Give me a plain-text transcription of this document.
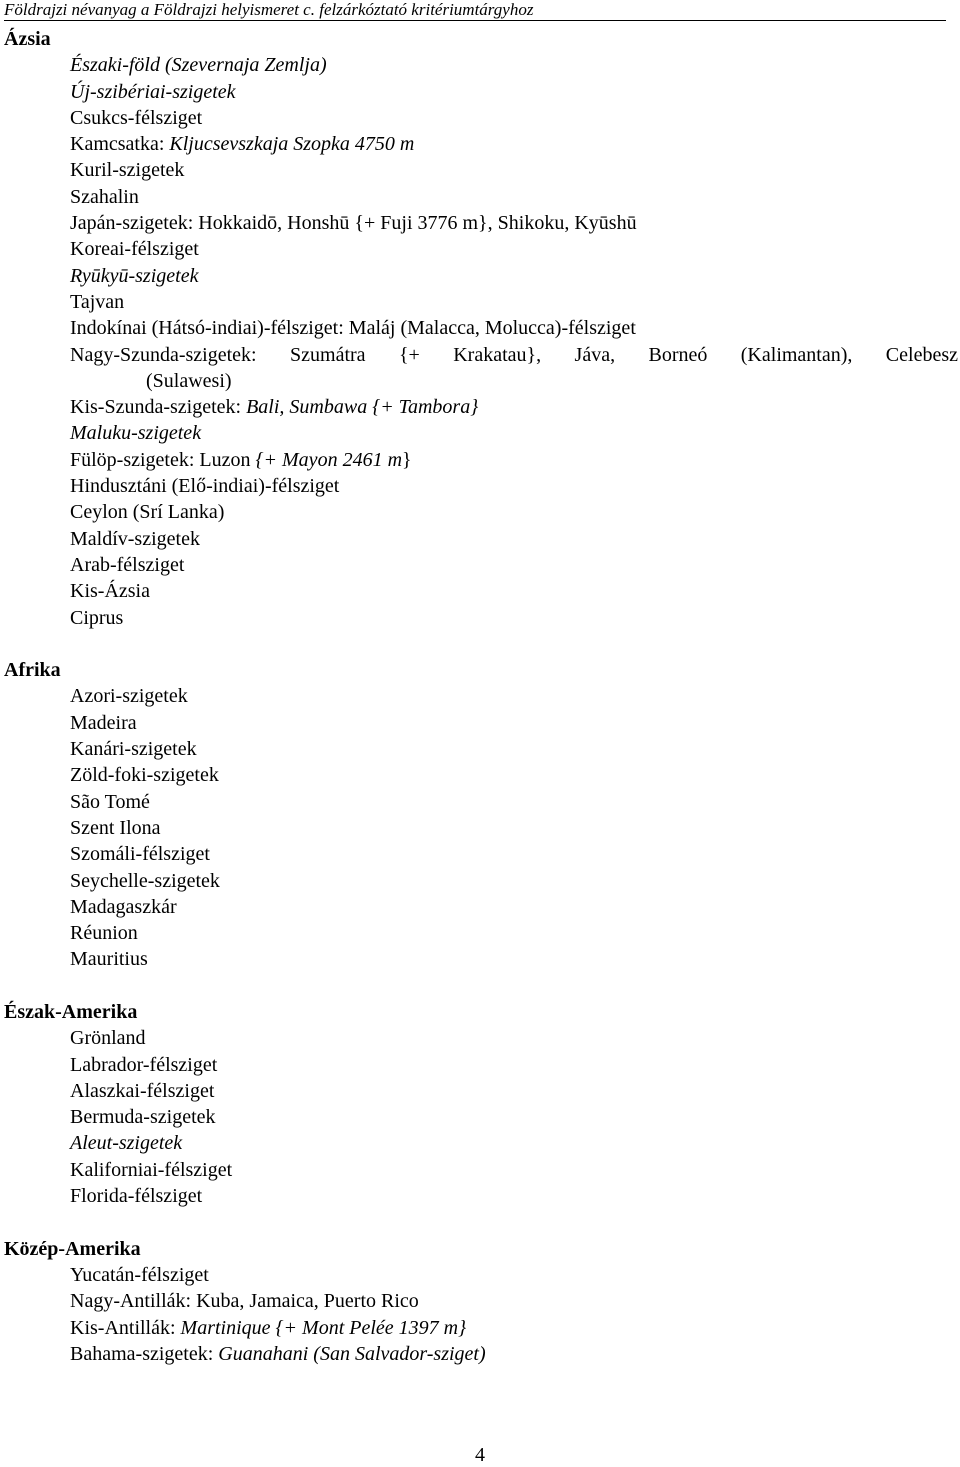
Földrajzi névanyag a Földrajzi helyismeret c. felzárkóztató kritériumtárgyhoz
Ázsia
Északi-föld (Szevernaja Zemlja)
Új-szibériai-szigetek
Csukcs-félsziget
Kamcsatka: Kljucsevszkaja Szopka 4750 m
Kuril-szigetek
Szahalin
Japán-szigetek: Hokkaidō, Honshū {+ Fuji 3776 m}, Shikoku, Kyūshū
Koreai-félsziget
Ryūkyū-szigetek
Tajvan
Indokínai (Hátsó-indiai)-félsziget: Maláj (Malacca, Molucca)-félsziget
Nagy-Szunda-szigetek: Szumátra {+ Krakatau}, Jáva, Borneó (Kalimantan), Celebesz
(Sulawesi)
Kis-Szunda-szigetek: Bali, Sumbawa {+ Tambora}
Maluku-szigetek
Fülöp-szigetek: Luzon {+ Mayon 2461 m}
Hindusztáni (Elő-indiai)-félsziget
Ceylon (Srí Lanka)
Maldív-szigetek
Arab-félsziget
Kis-Ázsia
Ciprus
Afrika
Azori-szigetek
Madeira
Kanári-szigetek
Zöld-foki-szigetek
São Tomé
Szent Ilona
Szomáli-félsziget
Seychelle-szigetek
Madagaszkár
Réunion
Mauritius
Észak-Amerika
Grönland
Labrador-félsziget
Alaszkai-félsziget
Bermuda-szigetek
Aleut-szigetek
Kaliforniai-félsziget
Florida-félsziget
Közép-Amerika
Yucatán-félsziget
Nagy-Antillák: Kuba, Jamaica, Puerto Rico
Kis-Antillák: Martinique {+ Mont Pelée 1397 m}
Bahama-szigetek: Guanahani (San Salvador-sziget)
4
